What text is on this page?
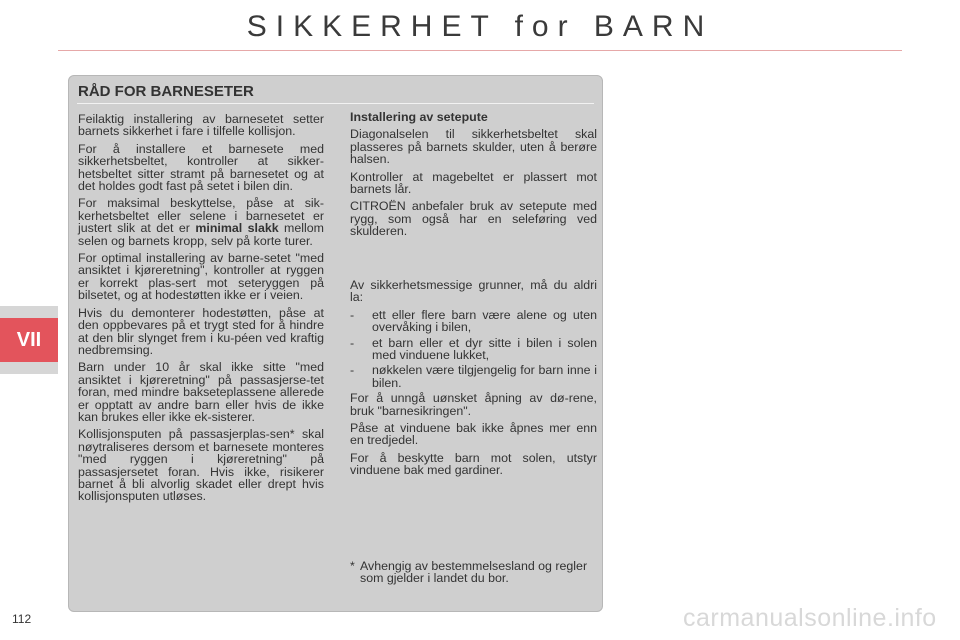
SIKKERHET for BARN
VII
RÅD FOR BARNESETER

Feilaktig installering av barnesetet setter barnets sikkerhet i fare i tilfelle kollisjon.

For å installere et barnesete med sikkerhetsbeltet, kontroller at sikker-hetsbeltet sitter stramt på barnesetet og at det holdes godt fast på setet i bilen din.

For maksimal beskyttelse, påse at sik-kerhetsbeltet eller selene i barnesetet er justert slik at det er minimal slakk mellom selen og barnets kropp, selv på korte turer.

For optimal installering av barne-setet "med ansiktet i kjøreretning", kontroller at ryggen er korrekt plas-sert mot seteryggen på bilsetet, og at hodestøtten ikke er i veien.

Hvis du demonterer hodestøtten, påse at den oppbevares på et trygt sted for å hindre at den blir slynget frem i ku-péen ved kraftig nedbremsing.

Barn under 10 år skal ikke sitte "med ansiktet i kjøreretning" på passasjerse-tet foran, med mindre bakseteplassene allerede er opptatt av andre barn eller hvis de ikke kan brukes eller ikke ek-sisterer.

Kollisjonsputen på passasjerplas-sen* skal nøytraliseres dersom et barnesete monteres "med ryggen i kjøreretning" på passasjersetet foran. Hvis ikke, risikerer barnet å bli alvorlig skadet eller drept hvis kollisjonsputen utløses.

Installering av setepute

Diagonalselen til sikkerhetsbeltet skal plasseres på barnets skulder, uten å berøre halsen.

Kontroller at magebeltet er plassert mot barnets lår.

CITROËN anbefaler bruk av setepute med rygg, som også har en seleføring ved skulderen.

Av sikkerhetsmessige grunner, må du aldri la:

-	ett eller flere barn være alene og uten overvåking i bilen,
-	et barn eller et dyr sitte i bilen i solen med vinduene lukket,
-	nøkkelen være tilgjengelig for barn inne i bilen.

For å unngå uønsket åpning av dø-rene, bruk "barnesikringen".

Påse at vinduene bak ikke åpnes mer enn en tredjedel.

For å beskytte barn mot solen, utstyr vinduene bak med gardiner.

* Avhengig av bestemmelsesland og regler som gjelder i landet du bor.
112	carmanualsonline.info
